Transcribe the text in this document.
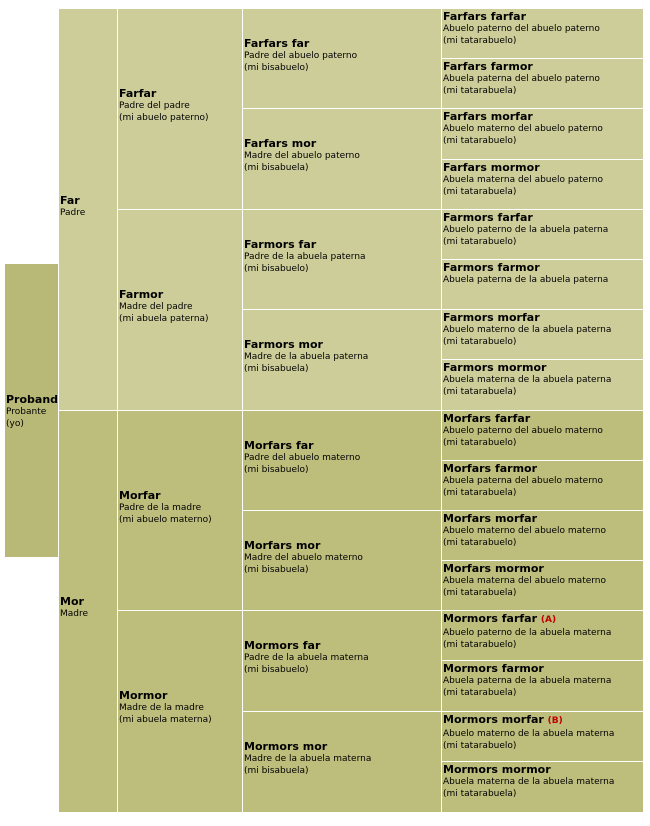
Proband
Probante
(yo)
Far
Padre
Mor
Madre
Farfar
Padre del padre
(mi abuelo paterno)
Farmor
Madre del padre
(mi abuela paterna)
Morfar
Padre de la madre
(mi abuelo materno)
Mormor
Madre de la madre
(mi abuela materna)
Farfars far
Padre del abuelo paterno
(mi bisabuelo)
Farfars mor
Madre del abuelo paterno
(mi bisabuela)
Farmors far
Padre de la abuela paterna
(mi bisabuelo)
Farmors mor
Madre de la abuela paterna
(mi bisabuela)
Morfars far
Padre del abuelo materno
(mi bisabuelo)
Morfars mor
Madre del abuelo materno
(mi bisabuela)
Mormors far
Padre de la abuela materna
(mi bisabuelo)
Mormors mor
Madre de la abuela materna
(mi bisabuela)
Farfars farfar
Abuelo paterno del abuelo paterno
(mi tatarabuelo)
Farfars farmor
Abuela paterna del abuelo paterno
(mi tatarabuela)
Farfars morfar
Abuelo materno del abuelo paterno
(mi tatarabuelo)
Farfars mormor
Abuela materna del abuelo paterno
(mi tatarabuela)
Farmors farfar
Abuelo paterno de la abuela paterna
(mi tatarabuelo)
Farmors farmor
Abuela paterna de la abuela paterna
Farmors morfar
Abuelo materno de la abuela paterna
(mi tatarabuelo)
Farmors mormor
Abuela materna de la abuela paterna
(mi tatarabuela)
Morfars farfar
Abuelo paterno del abuelo materno
(mi tatarabuelo)
Morfars farmor
Abuela paterna del abuelo materno
(mi tatarabuela)
Morfars morfar
Abuelo materno del abuelo materno
(mi tatarabuelo)
Morfars mormor
Abuela materna del abuelo materno
(mi tatarabuela)
Mormors farfar (A)
Abuelo paterno de la abuela materna
(mi tatarabuelo)
Mormors farmor
Abuela paterna de la abuela materna
(mi tatarabuela)
Mormors morfar (B)
Abuelo materno de la abuela materna
(mi tatarabuelo)
Mormors mormor
Abuela materna de la abuela materna
(mi tatarabuela)
